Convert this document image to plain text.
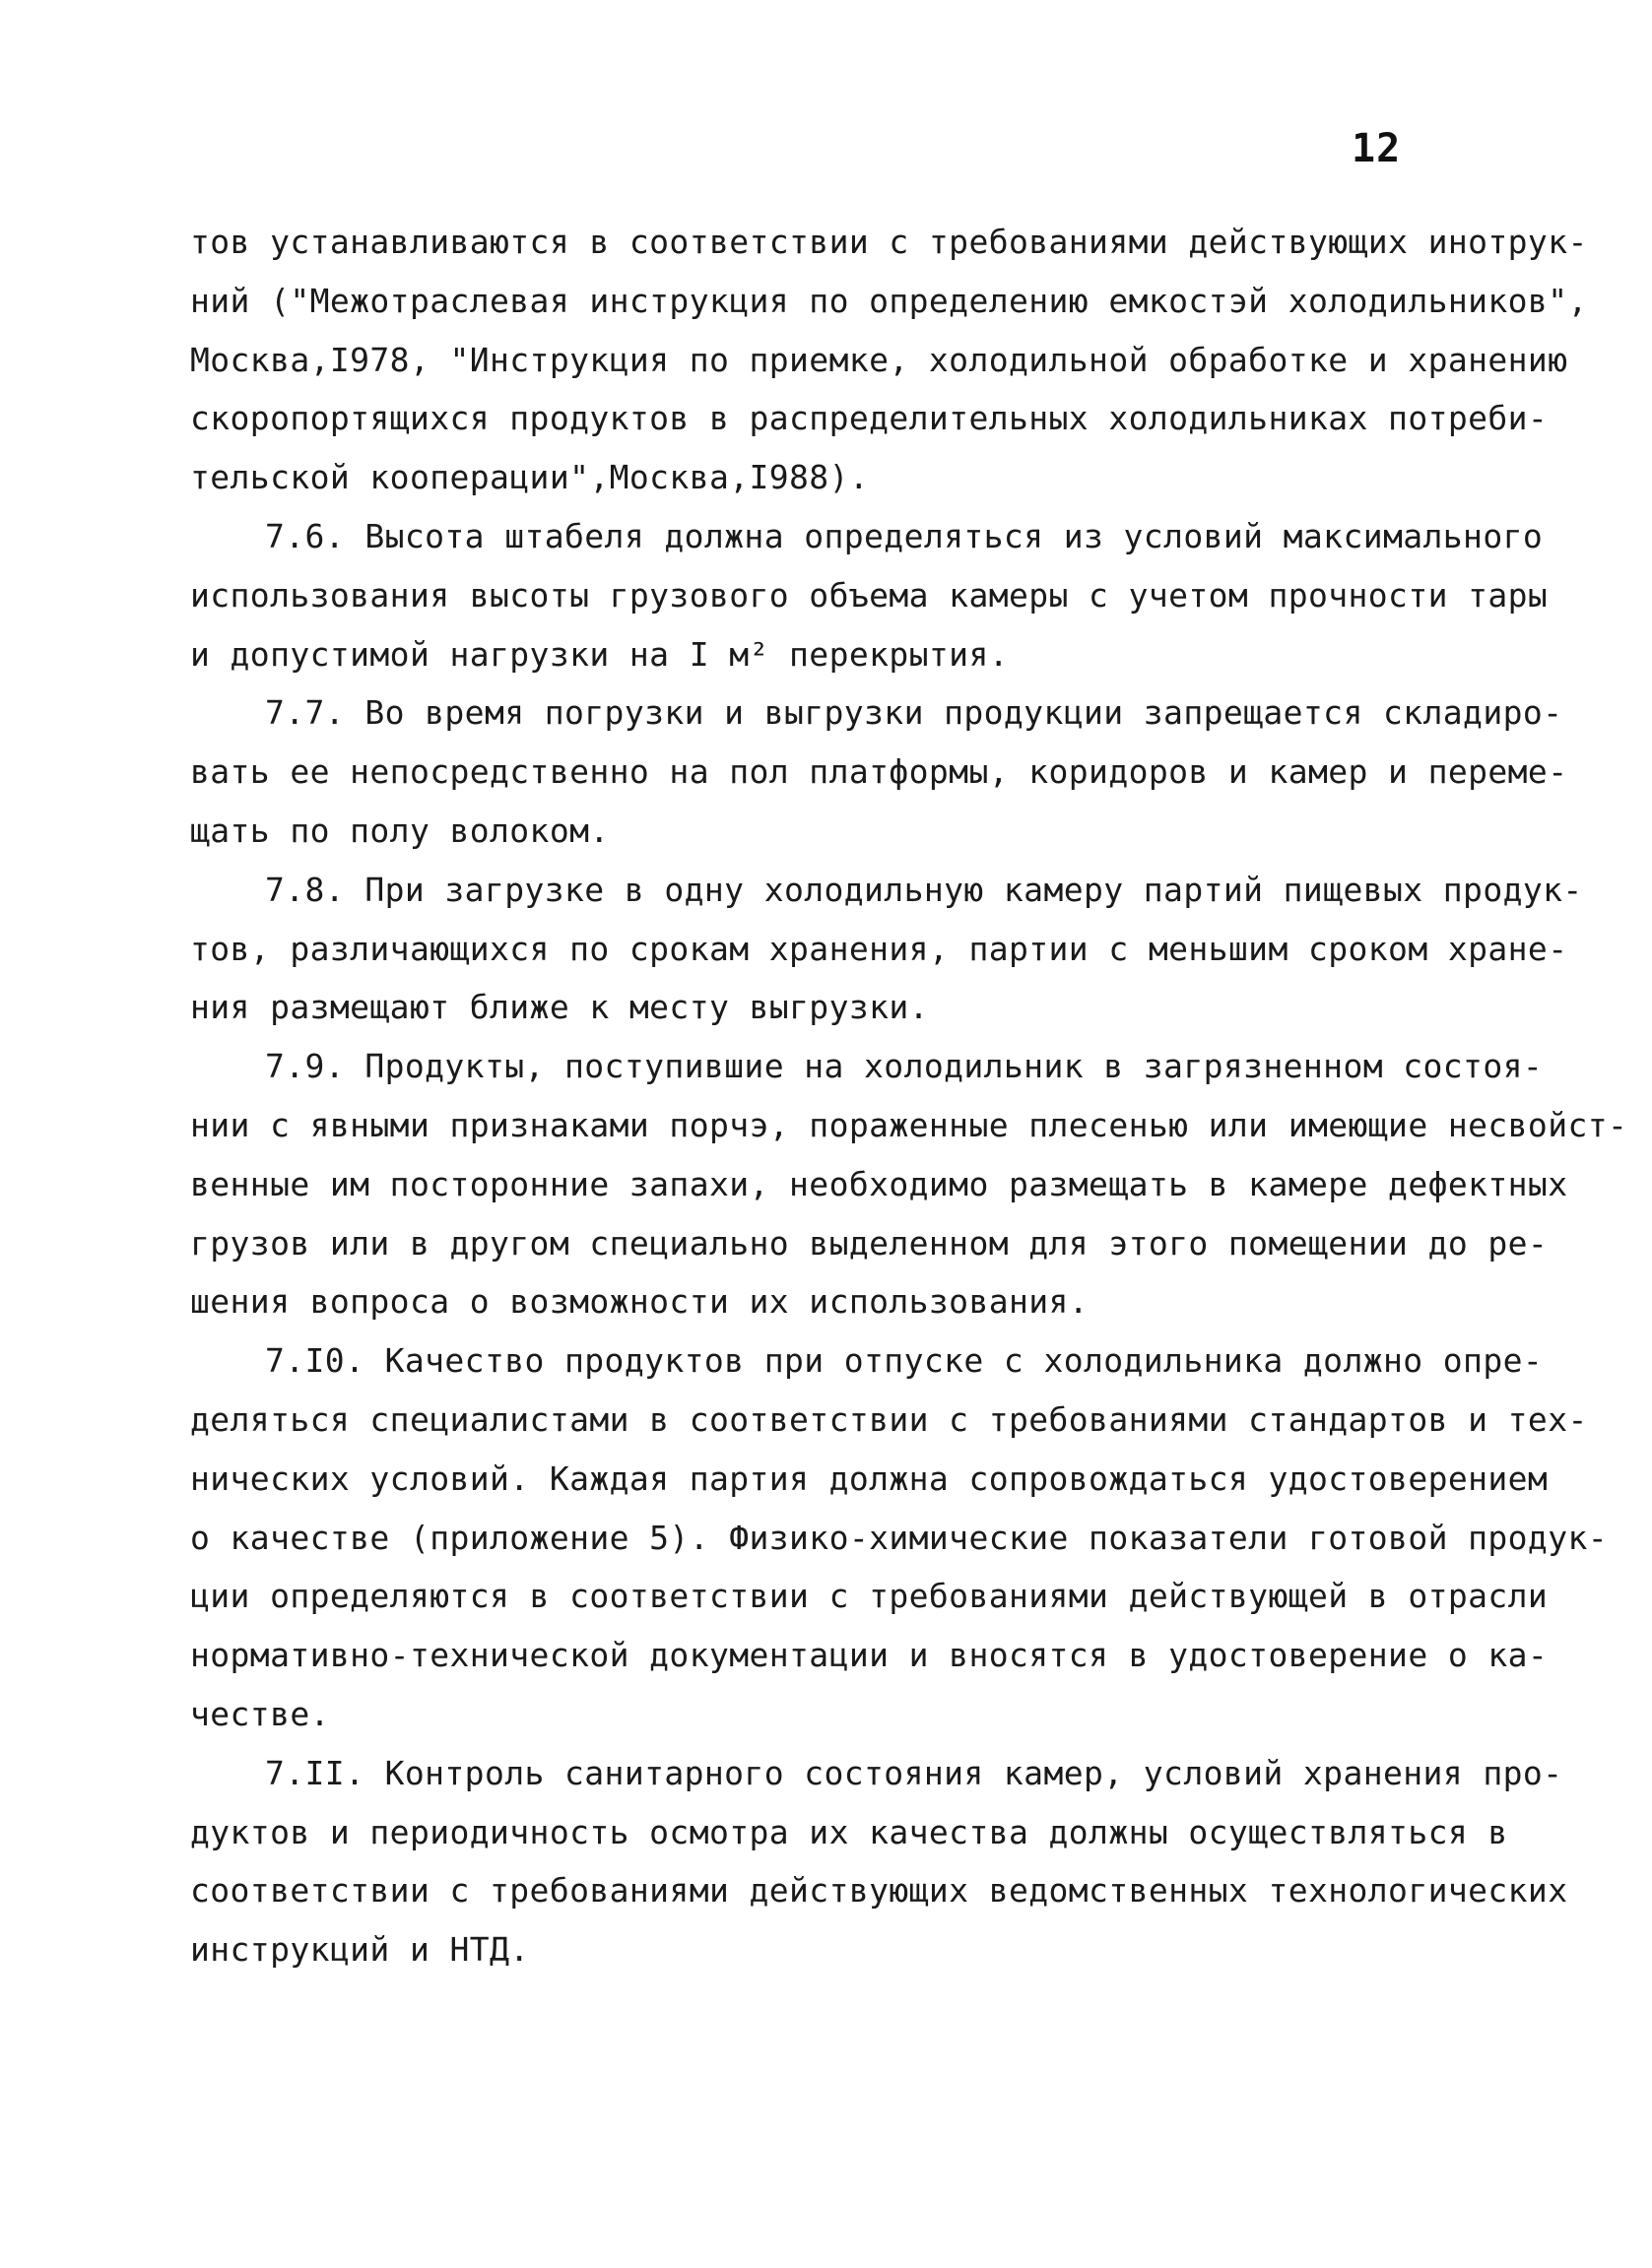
12
тов устанавливаются в соответствии с требованиями действующих инотрук-
ний ("Межотраслевая инструкция по определению емкостэй холодильников",
Москва,I978, "Инструкция по приемке, холодильной обработке и хранению
скоропортящихся продуктов в распределительных холодильниках потреби-
тельской кооперации",Москва,I988).
7.6. Высота штабеля должна определяться из условий максимального
использования высоты грузового объема камеры с учетом прочности тары
и допустимой нагрузки на I м² перекрытия.
7.7. Во время погрузки и выгрузки продукции запрещается складиро-
вать ее непосредственно на пол платформы, коридоров и камер и переме-
щать по полу волоком.
7.8. При загрузке в одну холодильную камеру партий пищевых продук-
тов, различающихся по срокам хранения, партии с меньшим сроком хране-
ния размещают ближе к месту выгрузки.
7.9. Продукты, поступившие на холодильник в загрязненном состоя-
нии с явными признаками порчэ, пораженные плесенью или имеющие несвойст-
венные им посторонние запахи, необходимо размещать в камере дефектных
грузов или в другом специально выделенном для этого помещении до ре-
шения вопроса о возможности их использования.
7.I0. Качество продуктов при отпуске с холодильника должно опре-
деляться специалистами в соответствии с требованиями стандартов и тех-
нических условий. Каждая партия должна сопровождаться удостоверением
о качестве (приложение 5). Физико-химические показатели готовой продук-
ции определяются в соответствии с требованиями действующей в отрасли
нормативно-технической документации и вносятся в удостоверение о ка-
честве.
7.II. Контроль санитарного состояния камер, условий хранения про-
дуктов и периодичность осмотра их качества должны осуществляться в
соответствии с требованиями действующих ведомственных технологических
инструкций и НТД.
